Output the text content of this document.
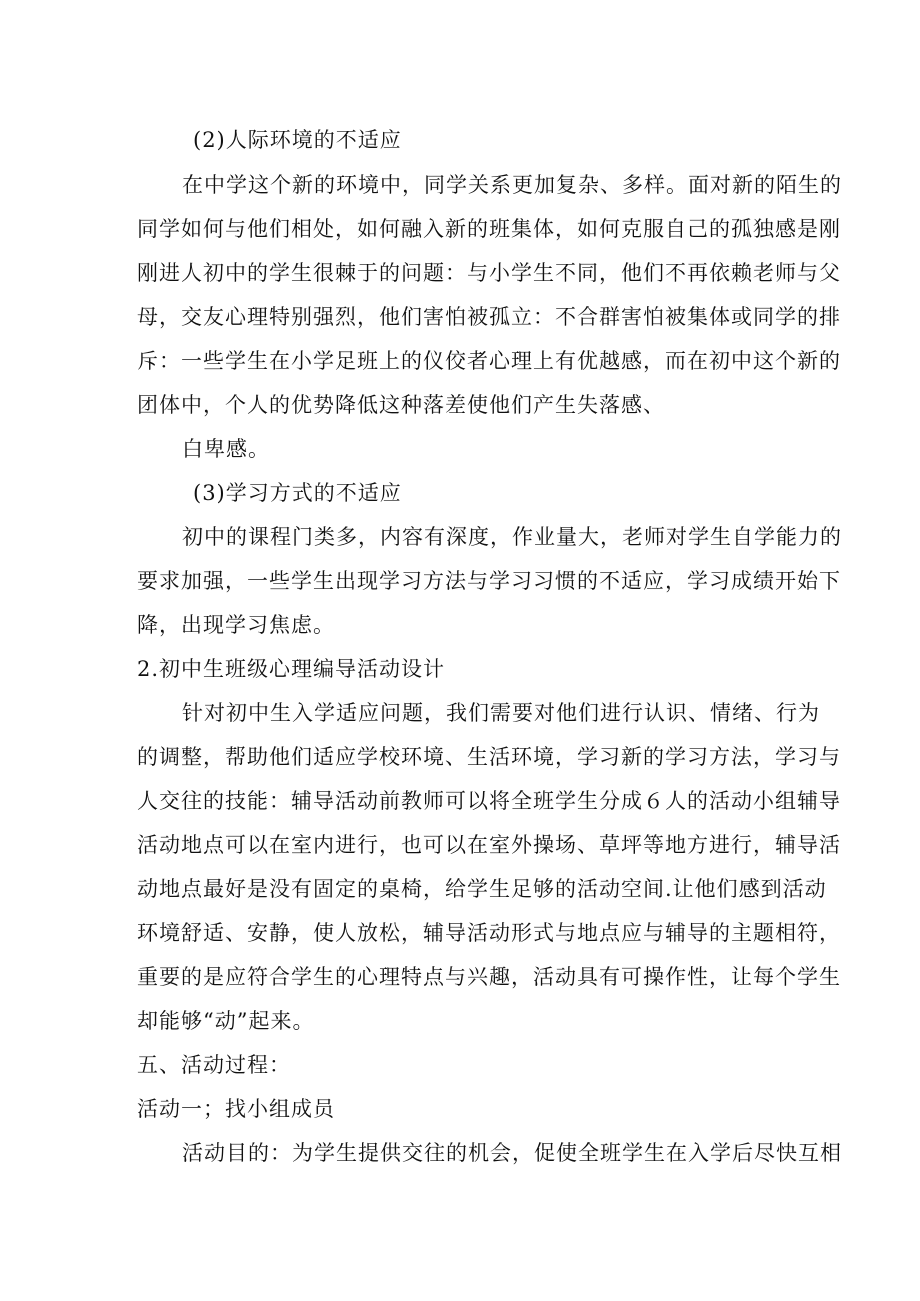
(2)人际环境的不适应
在中学这个新的环境中，同学关系更加复杂、多样。面对新的陌生的
同学如何与他们相处，如何融入新的班集体，如何克服自己的孤独感是刚
刚进人初中的学生很棘于的问题：与小学生不同，他们不再依赖老师与父
母，交友心理特别强烈，他们害怕被孤立：不合群害怕被集体或同学的排
斥：一些学生在小学足班上的仪佼者心理上有优越感，而在初中这个新的
团体中，个人的优势降低这种落差使他们产生失落感、
白卑感。
(3)学习方式的不适应
初中的课程门类多，内容有深度，作业量大，老师对学生自学能力的
要求加强，一些学生出现学习方法与学习习惯的不适应，学习成绩开始下
降，出现学习焦虑。
2.初中生班级心理编导活动设计
针对初中生入学适应问题，我们需要对他们进行认识、情绪、行为
的调整，帮助他们适应学校环境、生活环境，学习新的学习方法，学习与
人交往的技能：辅导活动前教师可以将全班学生分成６人的活动小组辅导
活动地点可以在室内进行，也可以在室外操场、草坪等地方进行，辅导活
动地点最好是没有固定的桌椅，给学生足够的活动空间.让他们感到活动
环境舒适、安静，使人放松，辅导活动形式与地点应与辅导的主题相符，
重要的是应符合学生的心理特点与兴趣，活动具有可操作性，让每个学生
却能够“动”起来。
五、活动过程：
活动一；找小组成员
活动目的：为学生提供交往的机会，促使全班学生在入学后尽快互相
